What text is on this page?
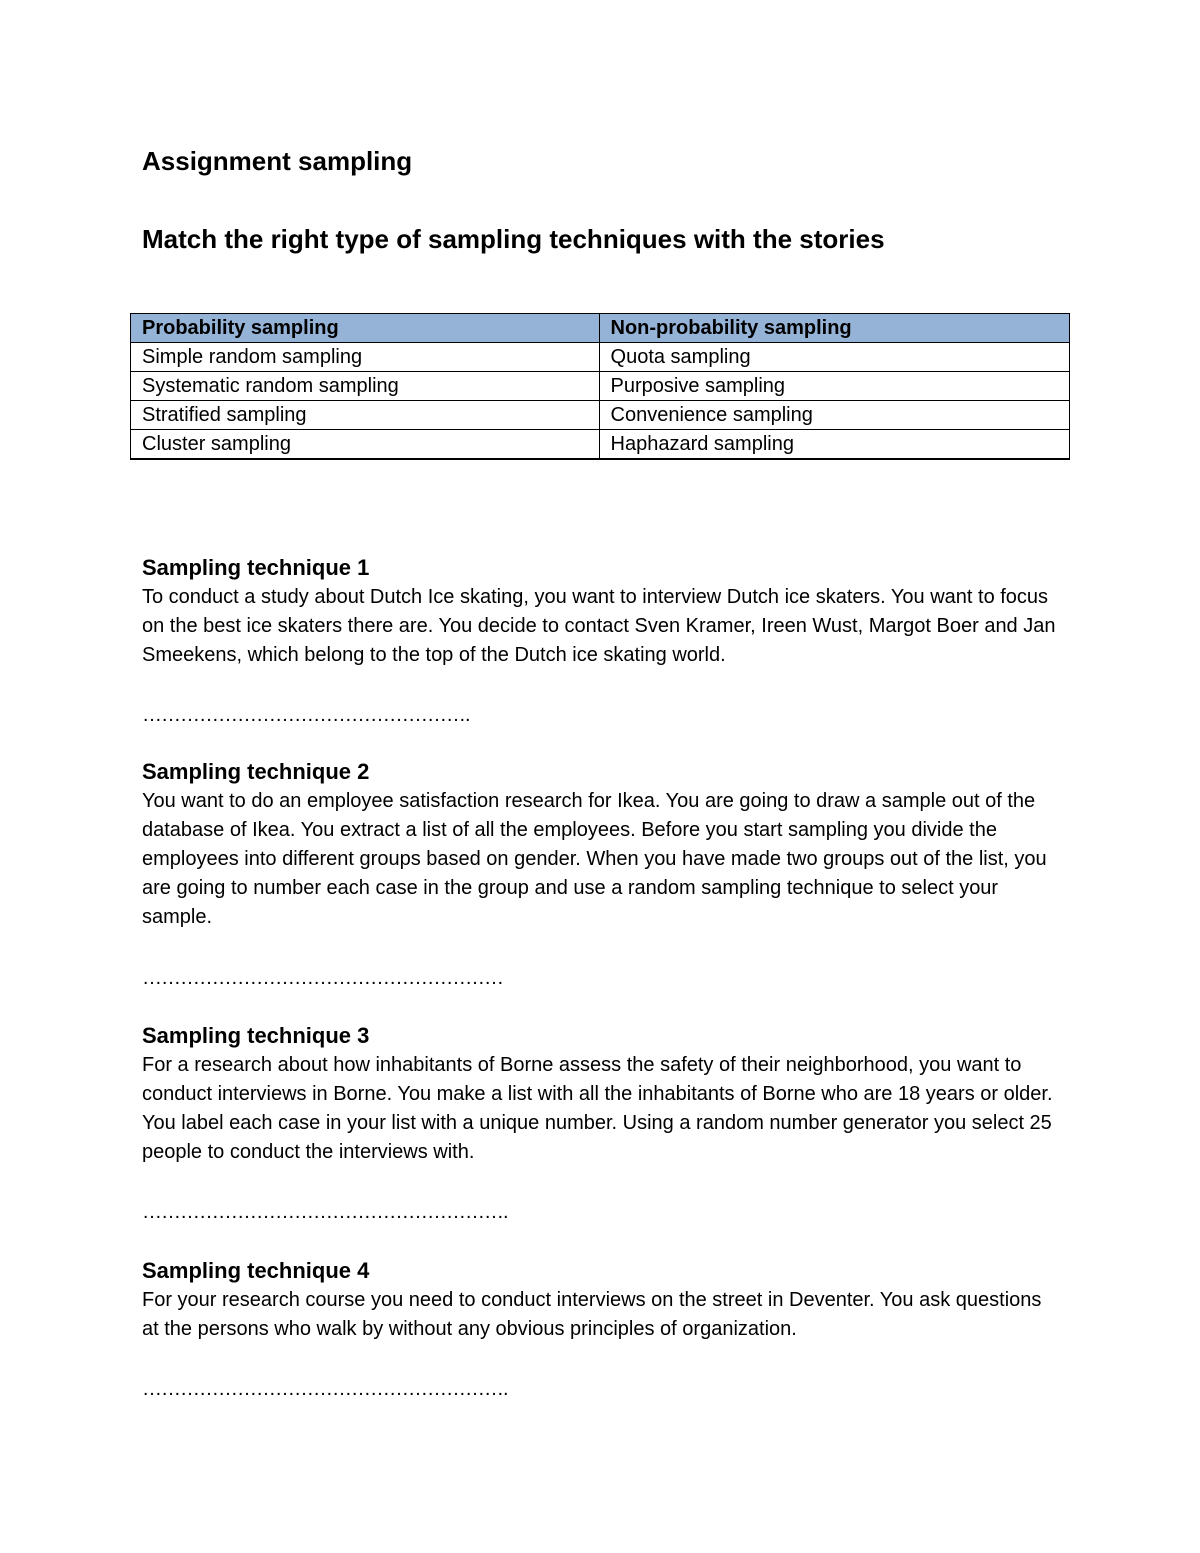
Assignment sampling
Match the right type of sampling techniques with the stories
Probability sampling	Non-probability sampling
Simple random sampling	Quota sampling
Systematic random sampling	Purposive sampling
Stratified sampling	Convenience sampling
Cluster sampling	Haphazard sampling

Sampling technique 1

To conduct a study about Dutch Ice skating, you want to interview Dutch ice skaters. You want to focus on the best ice skaters there are. You decide to contact Sven Kramer, Ireen Wust, Margot Boer and Jan Smeekens, which belong to the top of the Dutch ice skating world.

…………………………………………….

Sampling technique 2

You want to do an employee satisfaction research for Ikea. You are going to draw a sample out of the database of Ikea. You extract a list of all the employees. Before you start sampling you divide the employees into different groups based on gender. When you have made two groups out of the list, you are going to number each case in the group and use a random sampling technique to select your sample.

…………………………………………………

Sampling technique 3

For a research about how inhabitants of Borne assess the safety of their neighborhood, you want to conduct interviews in Borne. You make a list with all the inhabitants of Borne who are 18 years or older. You label each case in your list with a unique number. Using a random number generator you select 25 people to conduct the interviews with.

………………………………………………….

Sampling technique 4

For your research course you need to conduct interviews on the street in Deventer. You ask questions at the persons who walk by without any obvious principles of organization.

………………………………………………….
